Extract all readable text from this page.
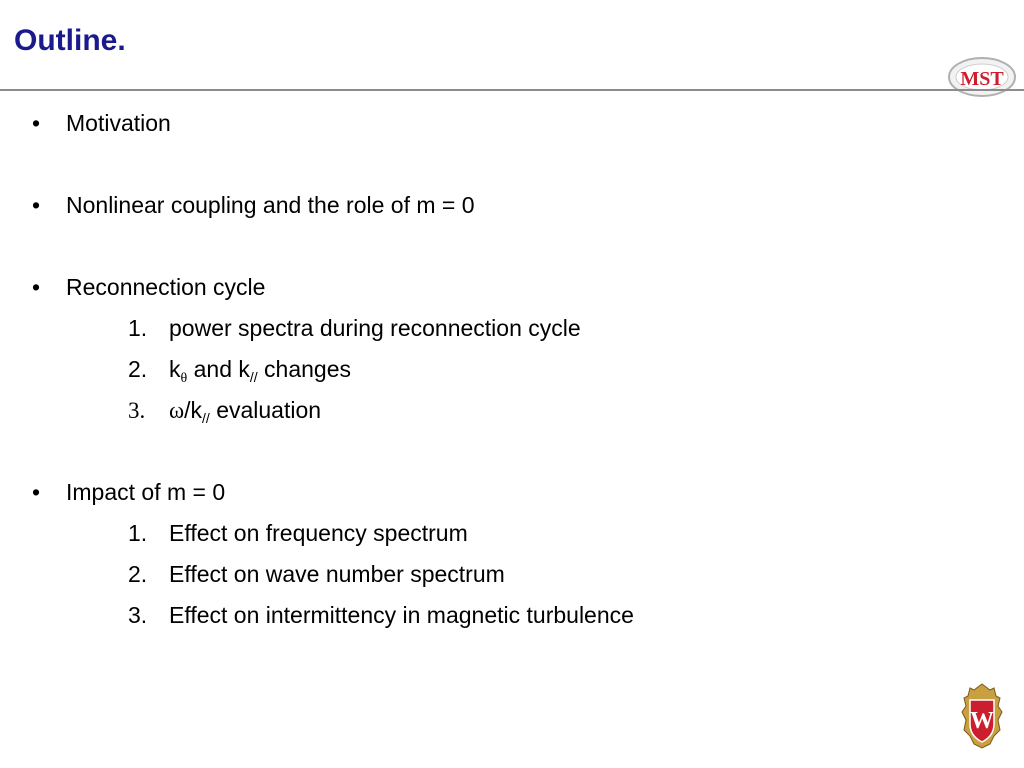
Outline.
MST
• Motivation
• Nonlinear coupling and the role of m = 0
• Reconnection cycle
1. power spectra during reconnection cycle
2. $k_\theta$ and $k_{//}$ changes
3. $\omega/k_{//}$ evaluation
• Impact of m = 0
1. Effect on frequency spectrum
2. Effect on wave number spectrum
3. Effect on intermittency in magnetic turbulence
W
